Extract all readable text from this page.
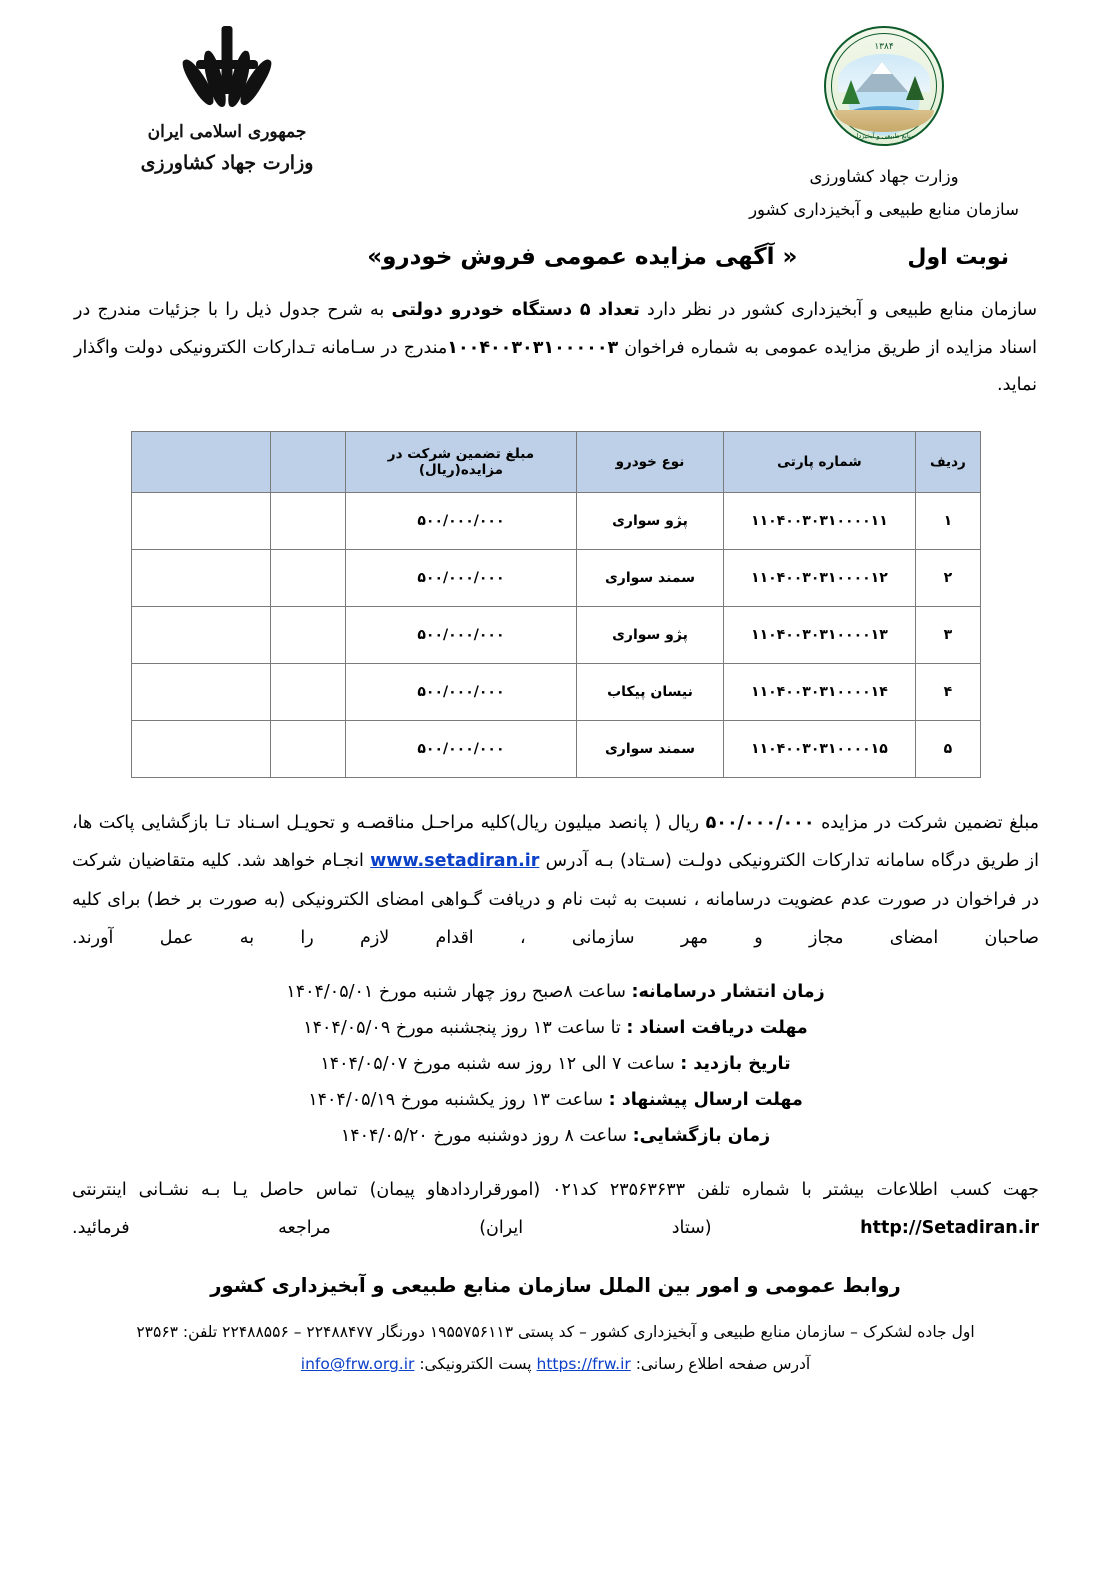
جمهوری اسلامی ایران
وزارت جهاد کشاورزی
۱۳۸۴
سازمان منابع طبیعی و آبخیزداری کشور
وزارت جهاد کشاورزی
سازمان منابع طبیعی و آبخیزداری کشور
نوبت اول
« آگهی مزایده عمومی فروش خودرو»

سازمان منابع طبیعی و آبخیزداری کشور در نظر دارد تعداد ۵ دستگاه خودرو دولتی به شرح جدول ذیل را با جزئیات مندرج در اسناد مزایده از طریق مزایده عمومی به شماره فراخوان ۱۰۰۴۰۰۳۰۳۱۰۰۰۰۰۳مندرج در سـامانه تـدارکات الکترونیکی دولت واگذار نماید.

ردیف	شماره پارتی	نوع خودرو	مبلغ تضمین شرکت در مزایده(ریال)		
۱	۱۱۰۴۰۰۳۰۳۱۰۰۰۰۱۱	پژو سواری	۵۰۰/۰۰۰/۰۰۰		
۲	۱۱۰۴۰۰۳۰۳۱۰۰۰۰۱۲	سمند سواری	۵۰۰/۰۰۰/۰۰۰		
۳	۱۱۰۴۰۰۳۰۳۱۰۰۰۰۱۳	پژو سواری	۵۰۰/۰۰۰/۰۰۰		
۴	۱۱۰۴۰۰۳۰۳۱۰۰۰۰۱۴	نیسان پیکاب	۵۰۰/۰۰۰/۰۰۰		
۵	۱۱۰۴۰۰۳۰۳۱۰۰۰۰۱۵	سمند سواری	۵۰۰/۰۰۰/۰۰۰		

مبلغ تضمین شرکت در مزایده ۵۰۰/۰۰۰/۰۰۰ ریال ( پانصد میلیون ریال)کلیه مراحـل مناقصـه و تحویـل اسـناد تـا بازگشایی پاکت ها، از طریق درگاه سامانه تدارکات الکترونیکی دولـت (سـتاد) بـه آدرس www.setadiran.ir انجـام خواهد شد. کلیه متقاضیان شرکت در فراخوان در صورت عدم عضویت درسامانه ، نسبت به ثبت نام و دریافت گـواهی امضای الکترونیکی (به صورت بر خط) برای کلیه صاحبان امضای مجاز و مهر سازمانی ، اقدام لازم را به عمل آورند.

زمان انتشار درسامانه: ساعت ۸صبح روز چهار شنبه مورخ ۱۴۰۴/۰۵/۰۱
مهلت دریافت اسناد : تا ساعت ۱۳ روز پنجشنبه مورخ ۱۴۰۴/۰۵/۰۹
تاریخ بازدید : ساعت ۷ الی ۱۲ روز سه شنبه مورخ ۱۴۰۴/۰۵/۰۷
مهلت ارسال پیشنهاد : ساعت ۱۳ روز یکشنبه مورخ ۱۴۰۴/۰۵/۱۹
زمان بازگشایی: ساعت ۸ روز دوشنبه مورخ ۱۴۰۴/۰۵/۲۰

جهت کسب اطلاعات بیشتر با شماره تلفن ۲۳۵۶۳۶۳۳ کد۰۲۱ (امورقراردادهاو پیمان) تماس حاصل یـا بـه نشـانی اینترنتی http://Setadiran.ir (ستاد ایران) مراجعه فرمائید.

روابط عمومی و امور بین الملل سازمان منابع طبیعی و آبخیزداری کشور
اول جاده لشکرک – سازمان منابع طبیعی و آبخیزداری کشور – کد پستی ۱۹۵۵۷۵۶۱۱۳ دورنگار ۲۲۴۸۸۴۷۷ – ۲۲۴۸۸۵۵۶ تلفن: ۲۳۵۶۳
آدرس صفحه اطلاع رسانی: https://frw.ir پست الکترونیکی: info@frw.org.ir
